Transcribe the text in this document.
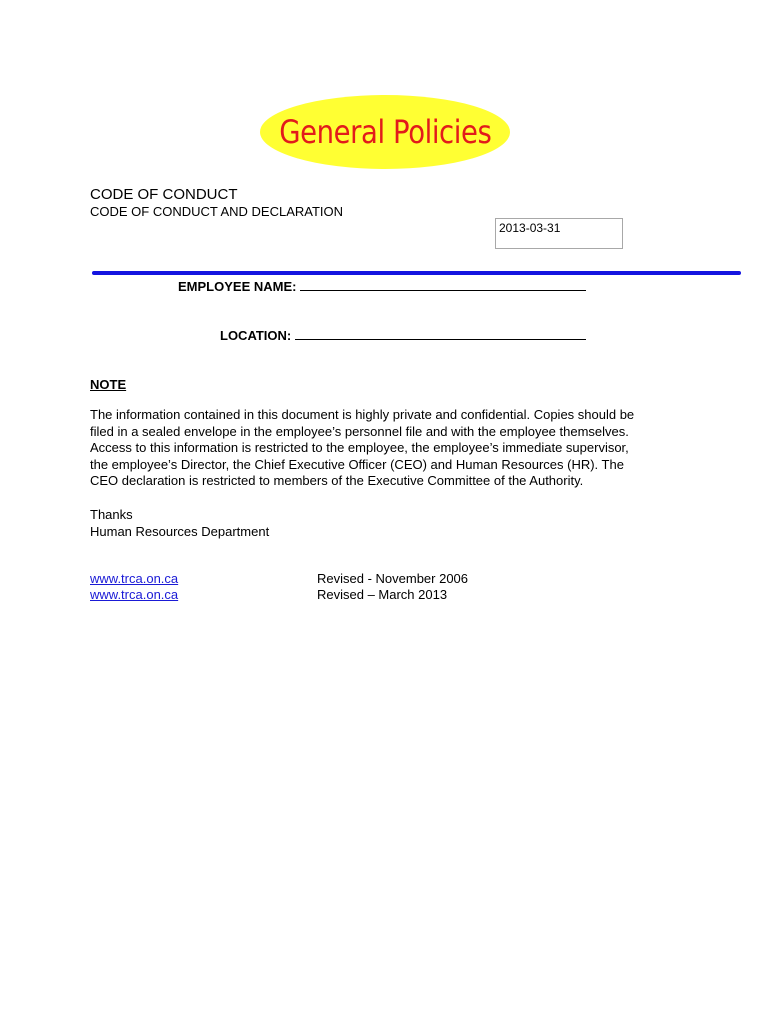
General Policies
CODE OF CONDUCT
CODE OF CONDUCT AND DECLARATION
2013-03-31
EMPLOYEE NAME:
LOCATION:
NOTE
The information contained in this document is highly private and confidential. Copies should be
filed in a sealed envelope in the employee’s personnel file and with the employee themselves.
Access to this information is restricted to the employee, the employee’s immediate supervisor,
the employee’s Director, the Chief Executive Officer (CEO) and Human Resources (HR). The
CEO declaration is restricted to members of the Executive Committee of the Authority.
Thanks
Human Resources Department
www.trca.on.ca
www.trca.on.ca
Revised - November 2006
Revised – March 2013
